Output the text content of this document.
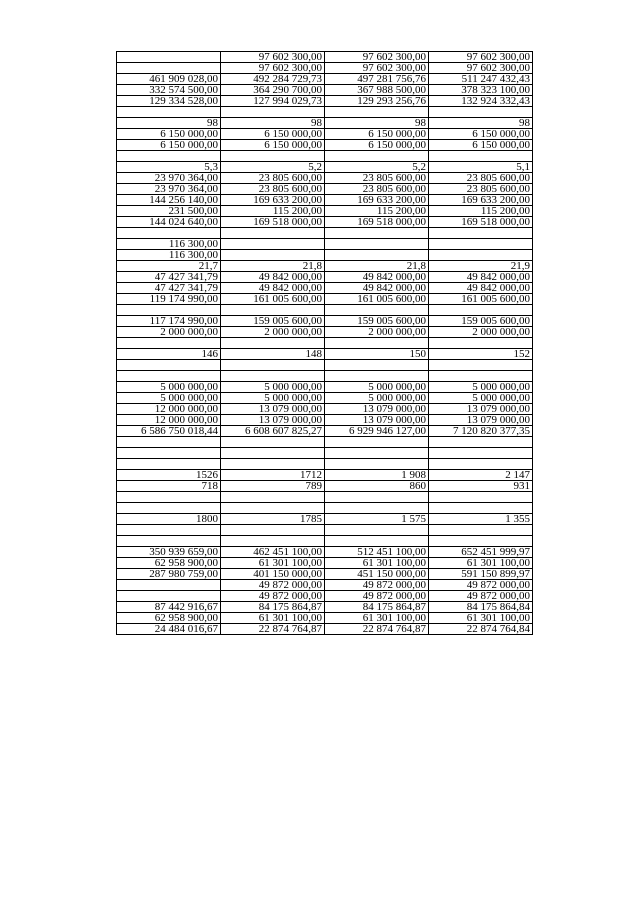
	97 602 300,00	97 602 300,00	97 602 300,00
	97 602 300,00	97 602 300,00	97 602 300,00
461 909 028,00	492 284 729,73	497 281 756,76	511 247 432,43
332 574 500,00	364 290 700,00	367 988 500,00	378 323 100,00
129 334 528,00	127 994 029,73	129 293 256,76	132 924 332,43

98	98	98	98
6 150 000,00	6 150 000,00	6 150 000,00	6 150 000,00
6 150 000,00	6 150 000,00	6 150 000,00	6 150 000,00

5,3	5,2	5,2	5,1
23 970 364,00	23 805 600,00	23 805 600,00	23 805 600,00
23 970 364,00	23 805 600,00	23 805 600,00	23 805 600,00
144 256 140,00	169 633 200,00	169 633 200,00	169 633 200,00
231 500,00	115 200,00	115 200,00	115 200,00
144 024 640,00	169 518 000,00	169 518 000,00	169 518 000,00

116 300,00			
116 300,00			
21,7	21,8	21,8	21,9
47 427 341,79	49 842 000,00	49 842 000,00	49 842 000,00
47 427 341,79	49 842 000,00	49 842 000,00	49 842 000,00
119 174 990,00	161 005 600,00	161 005 600,00	161 005 600,00

117 174 990,00	159 005 600,00	159 005 600,00	159 005 600,00
2 000 000,00	2 000 000,00	2 000 000,00	2 000 000,00

146	148	150	152

5 000 000,00	5 000 000,00	5 000 000,00	5 000 000,00
5 000 000,00	5 000 000,00	5 000 000,00	5 000 000,00
12 000 000,00	13 079 000,00	13 079 000,00	13 079 000,00
12 000 000,00	13 079 000,00	13 079 000,00	13 079 000,00
6 586 750 018,44	6 608 607 825,27	6 929 946 127,00	7 120 820 377,35

1526	1712	1 908	2 147
718	789	860	931

1800	1785	1 575	1 355

350 939 659,00	462 451 100,00	512 451 100,00	652 451 999,97
62 958 900,00	61 301 100,00	61 301 100,00	61 301 100,00
287 980 759,00	401 150 000,00	451 150 000,00	591 150 899,97
	49 872 000,00	49 872 000,00	49 872 000,00
	49 872 000,00	49 872 000,00	49 872 000,00
87 442 916,67	84 175 864,87	84 175 864,87	84 175 864,84
62 958 900,00	61 301 100,00	61 301 100,00	61 301 100,00
24 484 016,67	22 874 764,87	22 874 764,87	22 874 764,84
